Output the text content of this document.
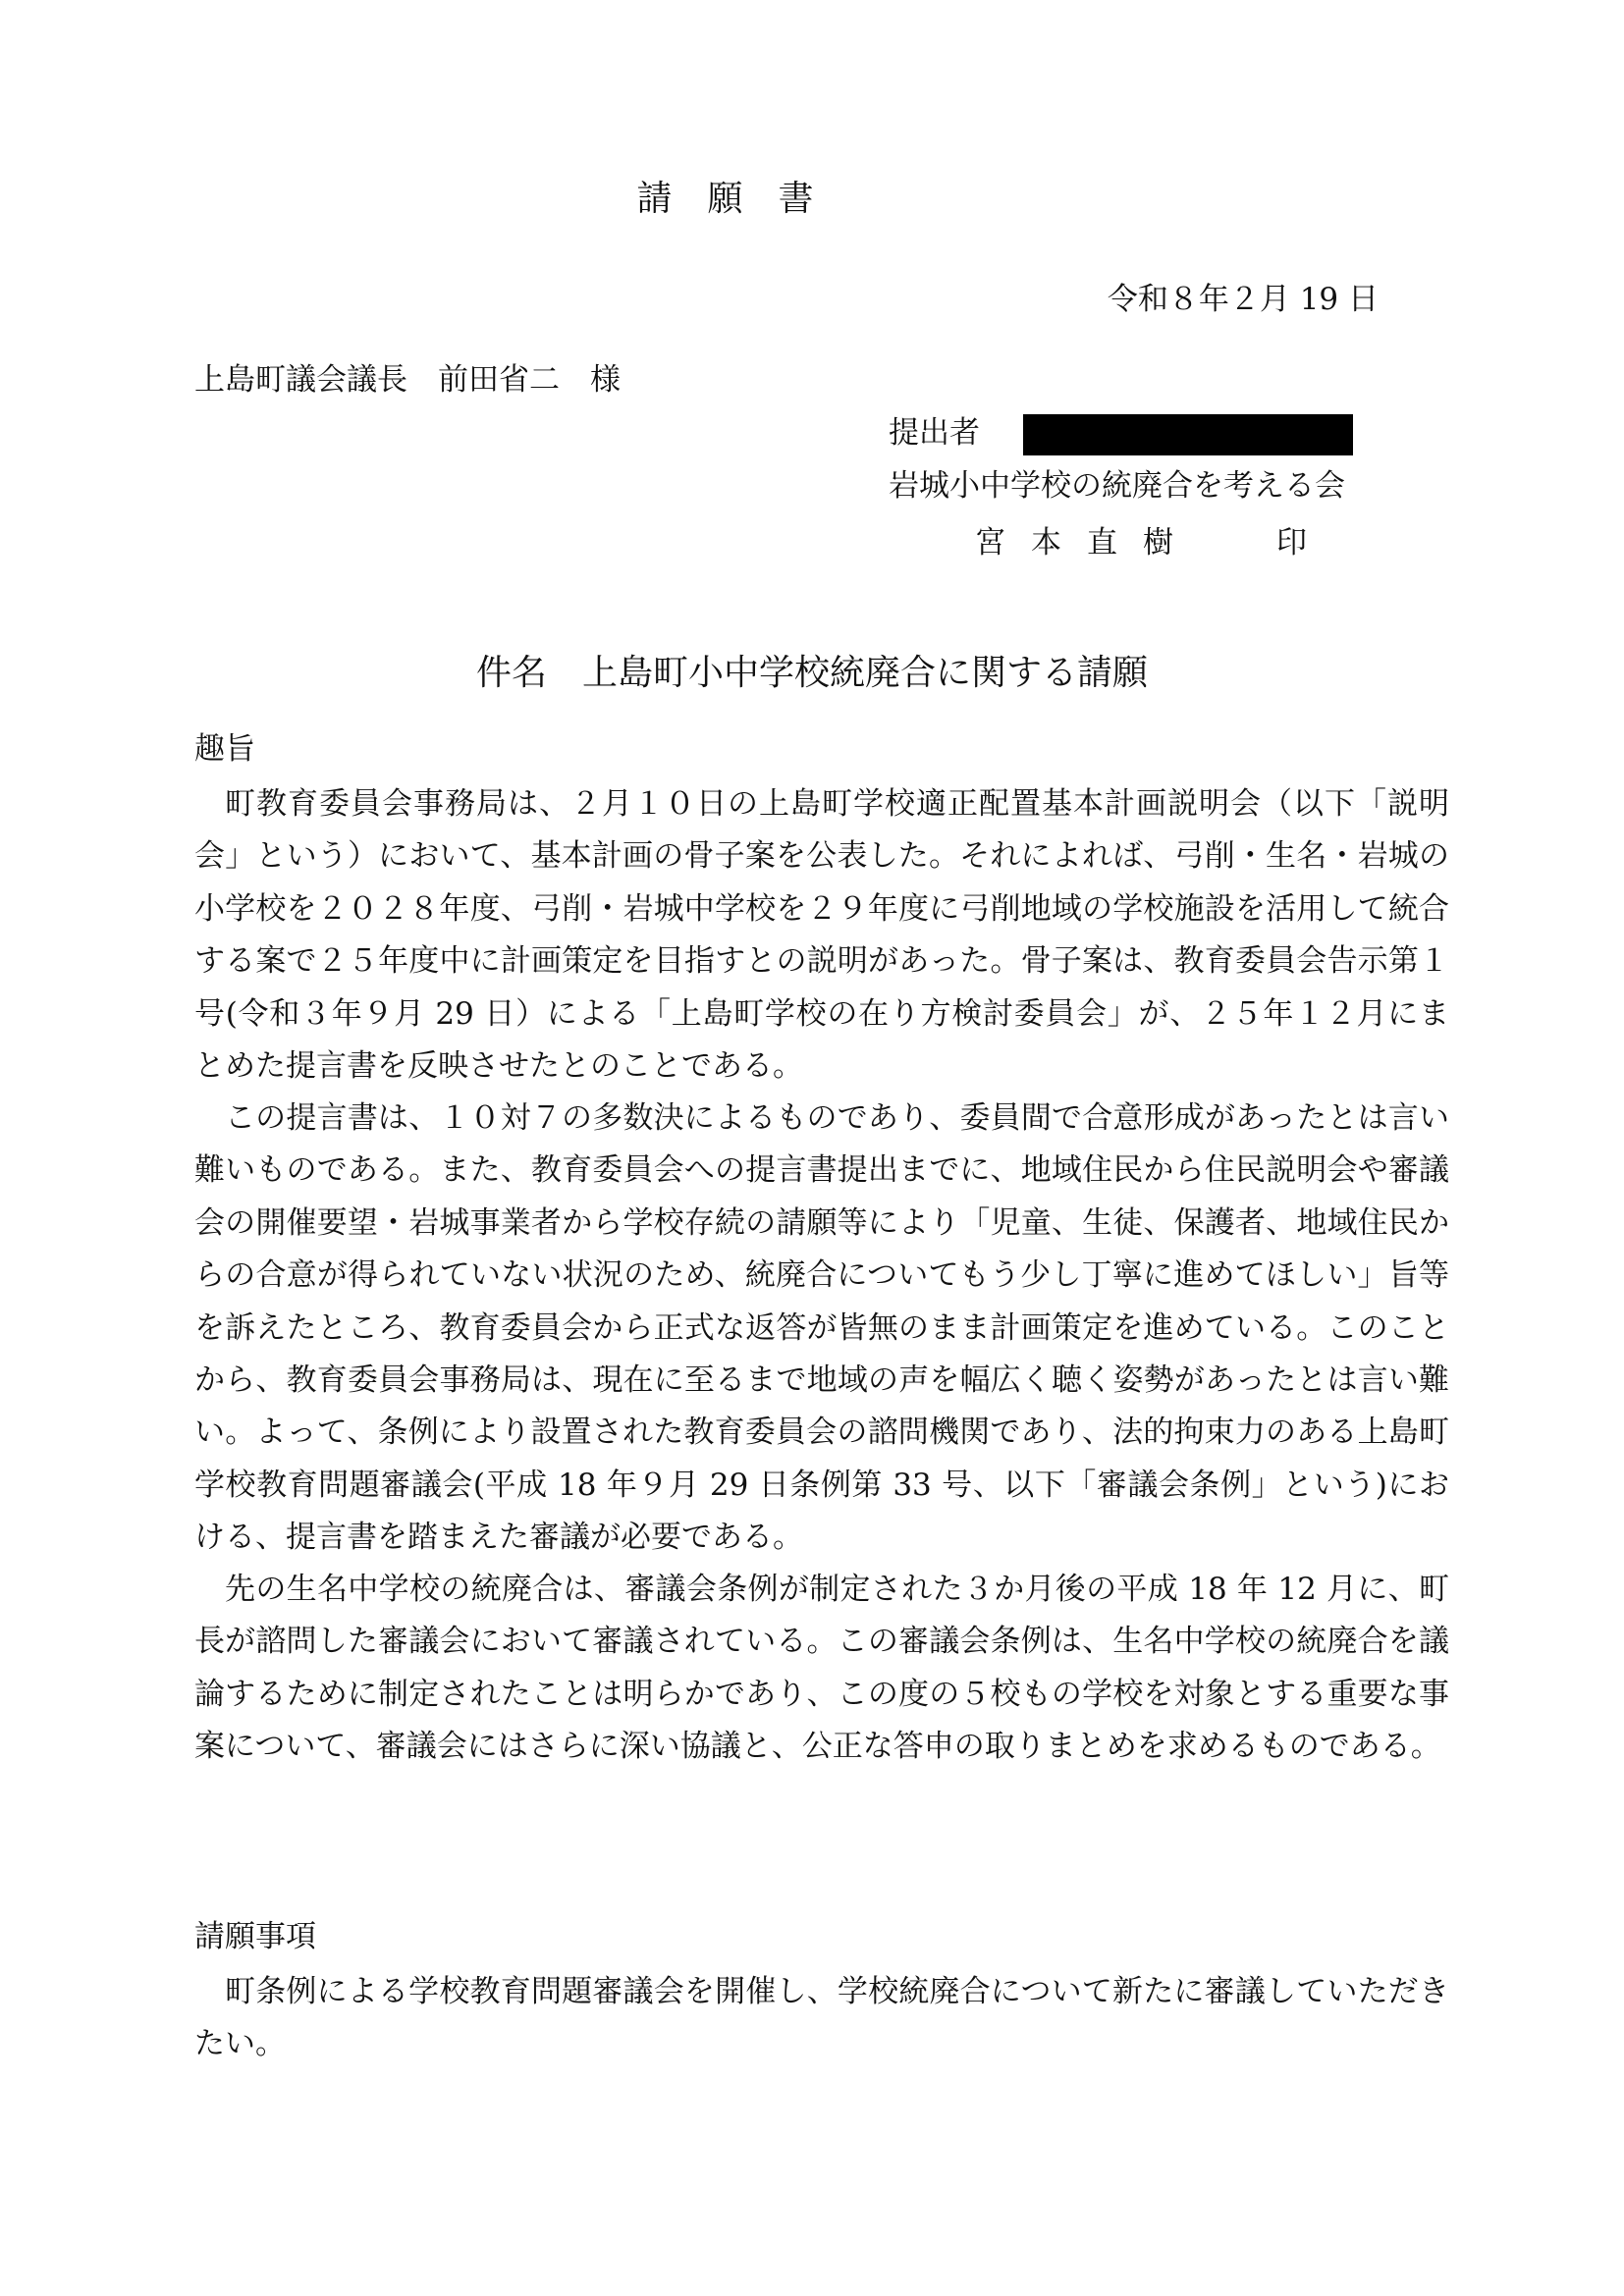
請願書
令和８年２月 19 日
上島町議会議長　前田省二　様
提出者
岩城小中学校の統廃合を考える会
宮本直樹	印
件名　上島町小中学校統廃合に関する請願
趣旨

町教育委員会事務局は、２月１０日の上島町学校適正配置基本計画説明会（以下「説明会」という）において、基本計画の骨子案を公表した。それによれば、弓削・生名・岩城の小学校を２０２８年度、弓削・岩城中学校を２９年度に弓削地域の学校施設を活用して統合する案で２５年度中に計画策定を目指すとの説明があった。骨子案は、教育委員会告示第１号(令和３年９月 29 日）による「上島町学校の在り方検討委員会」が、２５年１２月にまとめた提言書を反映させたとのことである。

この提言書は、１０対７の多数決によるものであり、委員間で合意形成があったとは言い難いものである。また、教育委員会への提言書提出までに、地域住民から住民説明会や審議会の開催要望・岩城事業者から学校存続の請願等により「児童、生徒、保護者、地域住民からの合意が得られていない状況のため、統廃合についてもう少し丁寧に進めてほしい」旨等を訴えたところ、教育委員会から正式な返答が皆無のまま計画策定を進めている。このことから、教育委員会事務局は、現在に至るまで地域の声を幅広く聴く姿勢があったとは言い難い。よって、条例により設置された教育委員会の諮問機関であり、法的拘束力のある上島町学校教育問題審議会(平成 18 年９月 29 日条例第 33 号、以下「審議会条例」という)における、提言書を踏まえた審議が必要である。

先の生名中学校の統廃合は、審議会条例が制定された３か月後の平成 18 年 12 月に、町長が諮問した審議会において審議されている。この審議会条例は、生名中学校の統廃合を議論するために制定されたことは明らかであり、この度の５校もの学校を対象とする重要な事案について、審議会にはさらに深い協議と、公正な答申の取りまとめを求めるものである。

請願事項

町条例による学校教育問題審議会を開催し、学校統廃合について新たに審議していただきたい。
